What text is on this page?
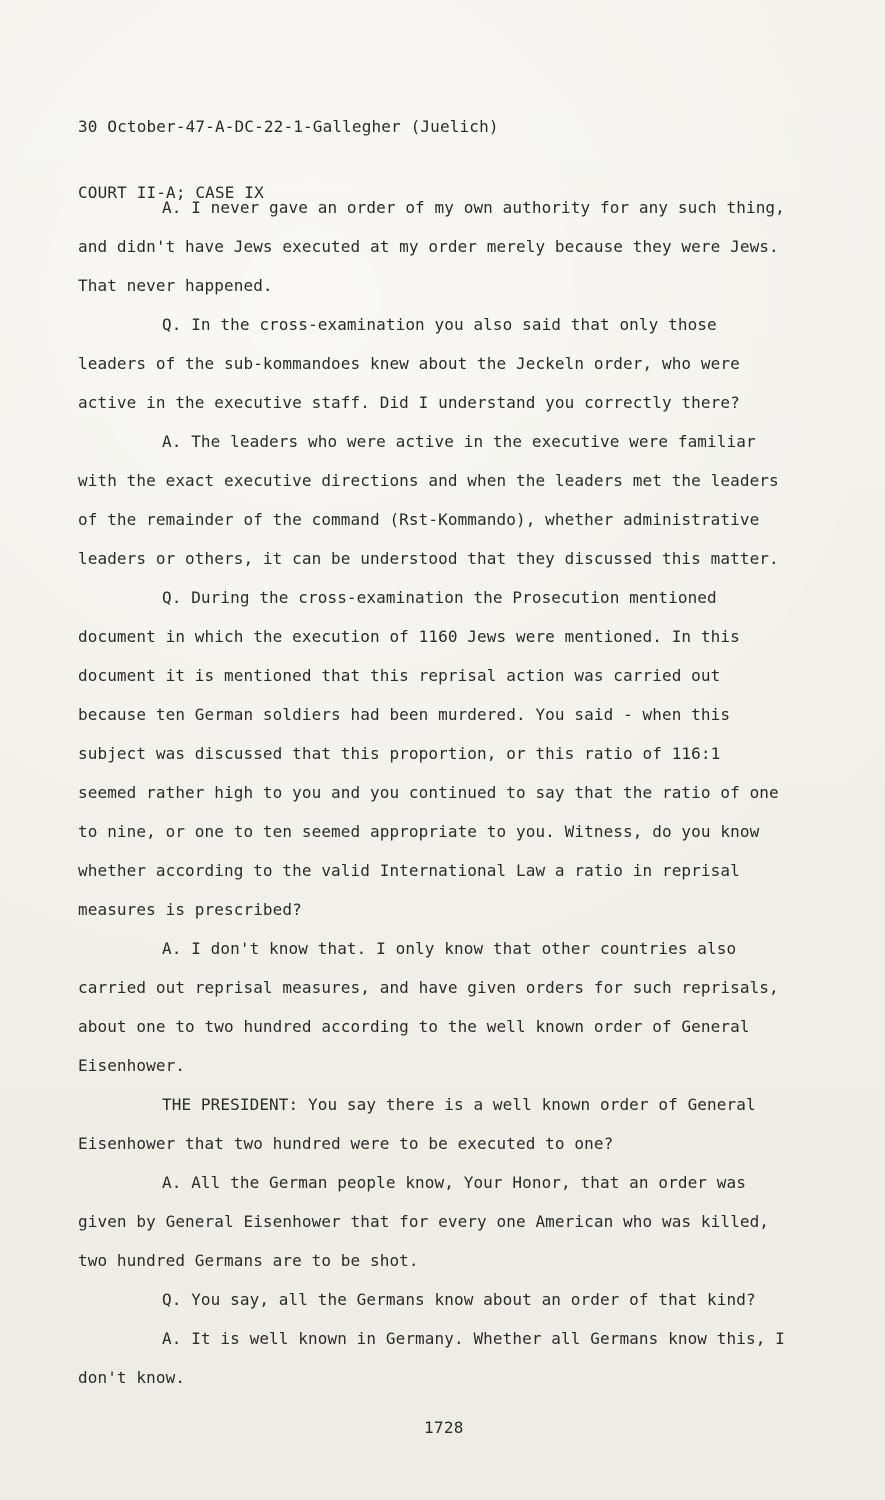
30 October-47-A-DC-22-1-Gallegher (Juelich)

COURT II-A; CASE IX

A. I never gave an order of my own authority for any such thing, and didn't have Jews executed at my order merely because they were Jews. That never happened.

Q. In the cross-examination you also said that only those leaders of the sub-kommandoes knew about the Jeckeln order, who were active in the executive staff. Did I understand you correctly there?

A. The leaders who were active in the executive were familiar with the exact executive directions and when the leaders met the leaders of the remainder of the command (Rst-Kommando), whether administrative leaders or others, it can be understood that they discussed this matter.

Q. During the cross-examination the Prosecution mentioned document in which the execution of 1160 Jews were mentioned. In this document it is mentioned that this reprisal action was carried out because ten German soldiers had been murdered. You said - when this subject was discussed that this proportion, or this ratio of 116:1 seemed rather high to you and you continued to say that the ratio of one to nine, or one to ten seemed appropriate to you. Witness, do you know whether according to the valid International Law a ratio in reprisal measures is prescribed?

A. I don't know that. I only know that other countries also carried out reprisal measures, and have given orders for such reprisals, about one to two hundred according to the well known order of General Eisenhower.

THE PRESIDENT: You say there is a well known order of General Eisenhower that two hundred were to be executed to one?

A. All the German people know, Your Honor, that an order was given by General Eisenhower that for every one American who was killed, two hundred Germans are to be shot.

Q. You say, all the Germans know about an order of that kind?

A. It is well known in Germany. Whether all Germans know this, I don't know.

1728
